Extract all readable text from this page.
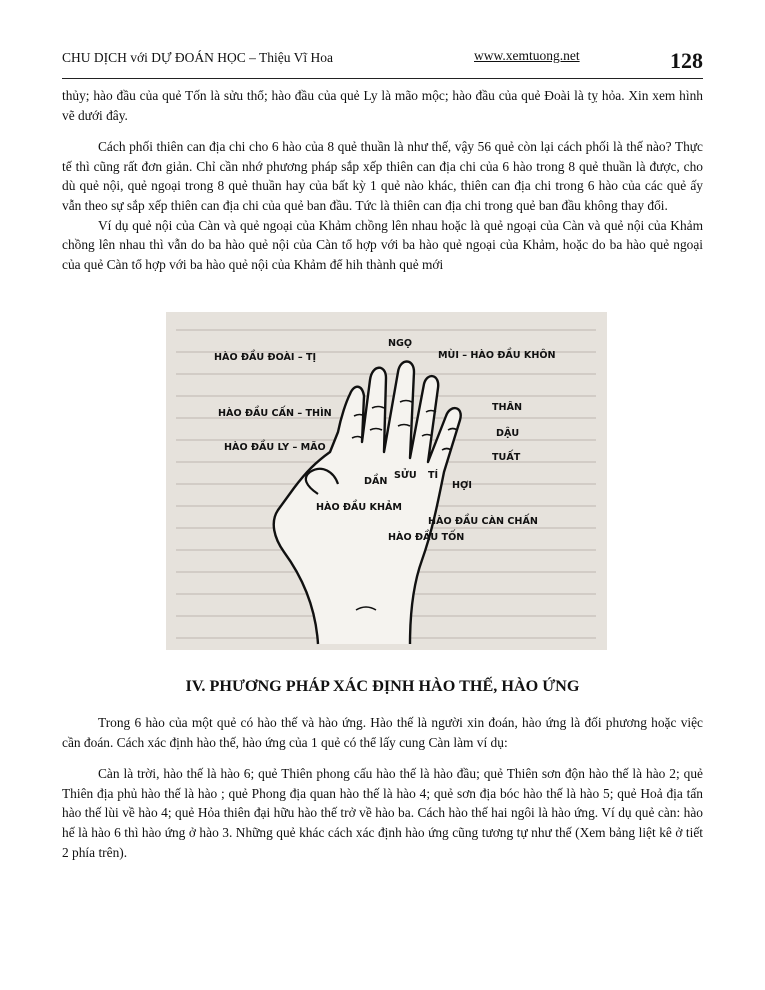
CHU DỊCH với DỰ ĐOÁN HỌC – Thiệu Vĩ Hoa	www.xemtuong.net	128

thủy; hào đầu của quẻ Tốn là sửu thổ; hào đầu của quẻ Ly là mão mộc; hào đầu của quẻ Đoài là tỵ hỏa. Xin xem hình vẽ dưới đây.

Cách phối thiên can địa chi cho 6 hào của 8 quẻ thuần là như thế, vậy 56 quẻ còn lại cách phối là thế nào? Thực tế thì cũng rất đơn giản. Chỉ cần nhớ phương pháp sắp xếp thiên can địa chi của 6 hào trong 8 quẻ thuần là được, cho dù quẻ nội, quẻ ngoại trong 8 quẻ thuần hay của bất kỳ 1 quẻ nào khác, thiên can địa chi trong 6 hào của các quẻ ấy vẫn theo sự sắp xếp thiên can địa chi của quẻ ban đầu. Tức là thiên can địa chi trong quẻ ban đầu không thay đổi.

Ví dụ quẻ nội của Càn và quẻ ngoại của Khảm chồng lên nhau hoặc là quẻ ngoại của Càn và quẻ nội của Khảm chồng lên nhau thì vẫn do ba hào quẻ nội của Càn tổ hợp với ba hào quẻ ngoại của Khảm, hoặc do ba hào quẻ ngoại của quẻ Càn tổ hợp với ba hào quẻ nội của Khảm để hih thành quẻ mới

HÀO ĐẦU ĐOÀI – TỊ
NGỌ
MÙI – HÀO ĐẦU KHÔN
HÀO ĐẦU CẤN – THÌN
HÀO ĐẦU LY – MÃO
THÂN
DẬU
TUẤT
DẦN
SỬU TÍ
HỢI
HÀO ĐẦU KHẢM
HÀO ĐẦU TỐN
HÀO ĐẦU CÀN CHẤN
IV. PHƯƠNG PHÁP XÁC ĐỊNH HÀO THẾ, HÀO ỨNG

Trong 6 hào của một quẻ có hào thế và hào ứng. Hào thế là người xin đoán, hào ứng là đối phương hoặc việc cần đoán. Cách xác định hào thế, hào ứng của 1 quẻ có thể lấy cung Càn làm ví dụ:

Càn là trời, hào thế là hào 6; quẻ Thiên phong cấu hào thế là hào đầu; quẻ Thiên sơn độn hào thế là hào 2; quẻ Thiên địa phủ hào thế là hào ; quẻ Phong địa quan hào thế là hào 4; quẻ sơn địa bóc hào thế là hào 5; quẻ Hoả địa tấn hào thế lùi về hào 4; quẻ Hỏa thiên đại hữu hào thế trở về hào ba. Cách hào thế hai ngôi là hào ứng. Ví dụ quẻ càn: hào hế là hào 6 thì hào ứng ở hào 3. Những quẻ khác cách xác định hào ứng cũng tương tự như thế (Xem bảng liệt kê ở tiết 2 phía trên).
